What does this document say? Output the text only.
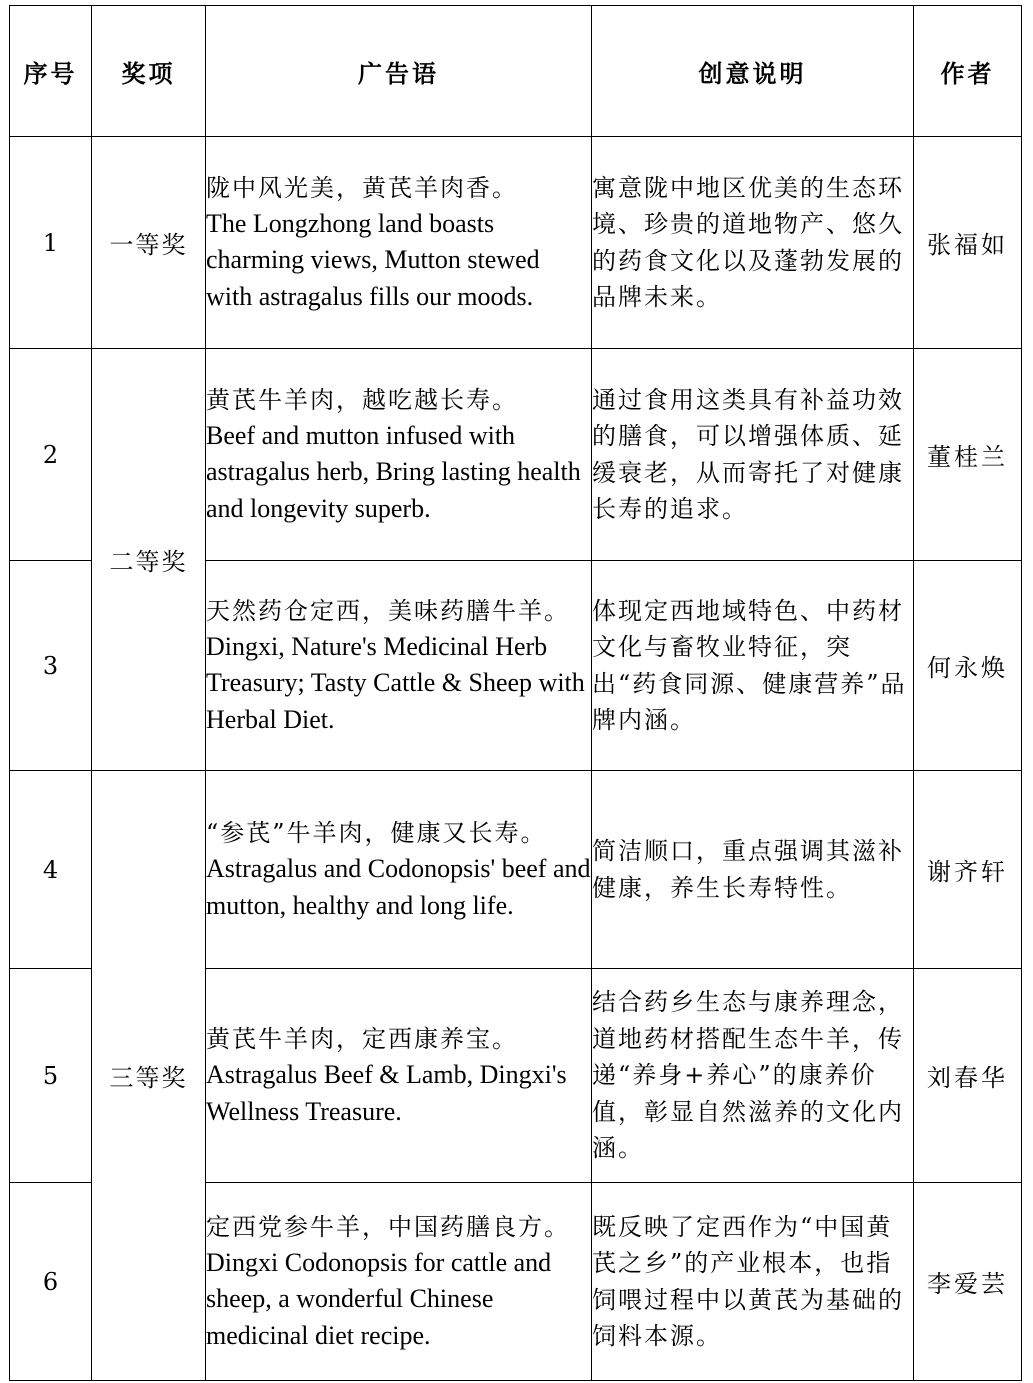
序号	奖项	广告语	创意说明	作者
1	一等奖	陇中风光美，黄芪羊肉香。
The Longzhong land boasts charming views, Mutton stewed with astragalus fills our moods.	寓意陇中地区优美的生态环境、珍贵的道地物产、悠久的药食文化以及蓬勃发展的品牌未来。	张福如
2	二等奖	黄芪牛羊肉，越吃越长寿。
Beef and mutton infused with astragalus herb, Bring lasting health and longevity superb.	通过食用这类具有补益功效的膳食，可以增强体质、延缓衰老，从而寄托了对健康长寿的追求。	董桂兰
3		天然药仓定西，美味药膳牛羊。
Dingxi, Nature's Medicinal Herb Treasury; Tasty Cattle & Sheep with Herbal Diet.	体现定西地域特色、中药材文化与畜牧业特征，突出“药食同源、健康营养”品牌内涵。	何永焕
4	三等奖	“参芪”牛羊肉，健康又长寿。
Astragalus and Codonopsis' beef and mutton, healthy and long life.	简洁顺口，重点强调其滋补健康，养生长寿特性。	谢齐轩
5		黄芪牛羊肉，定西康养宝。
Astragalus Beef & Lamb, Dingxi's Wellness Treasure.	结合药乡生态与康养理念，道地药材搭配生态牛羊，传递“养身+养心”的康养价值，彰显自然滋养的文化内涵。	刘春华
6		定西党参牛羊，中国药膳良方。
Dingxi Codonopsis for cattle and sheep, a wonderful Chinese medicinal diet recipe.	既反映了定西作为“中国黄芪之乡”的产业根本，也指饲喂过程中以黄芪为基础的饲料本源。	李爱芸
